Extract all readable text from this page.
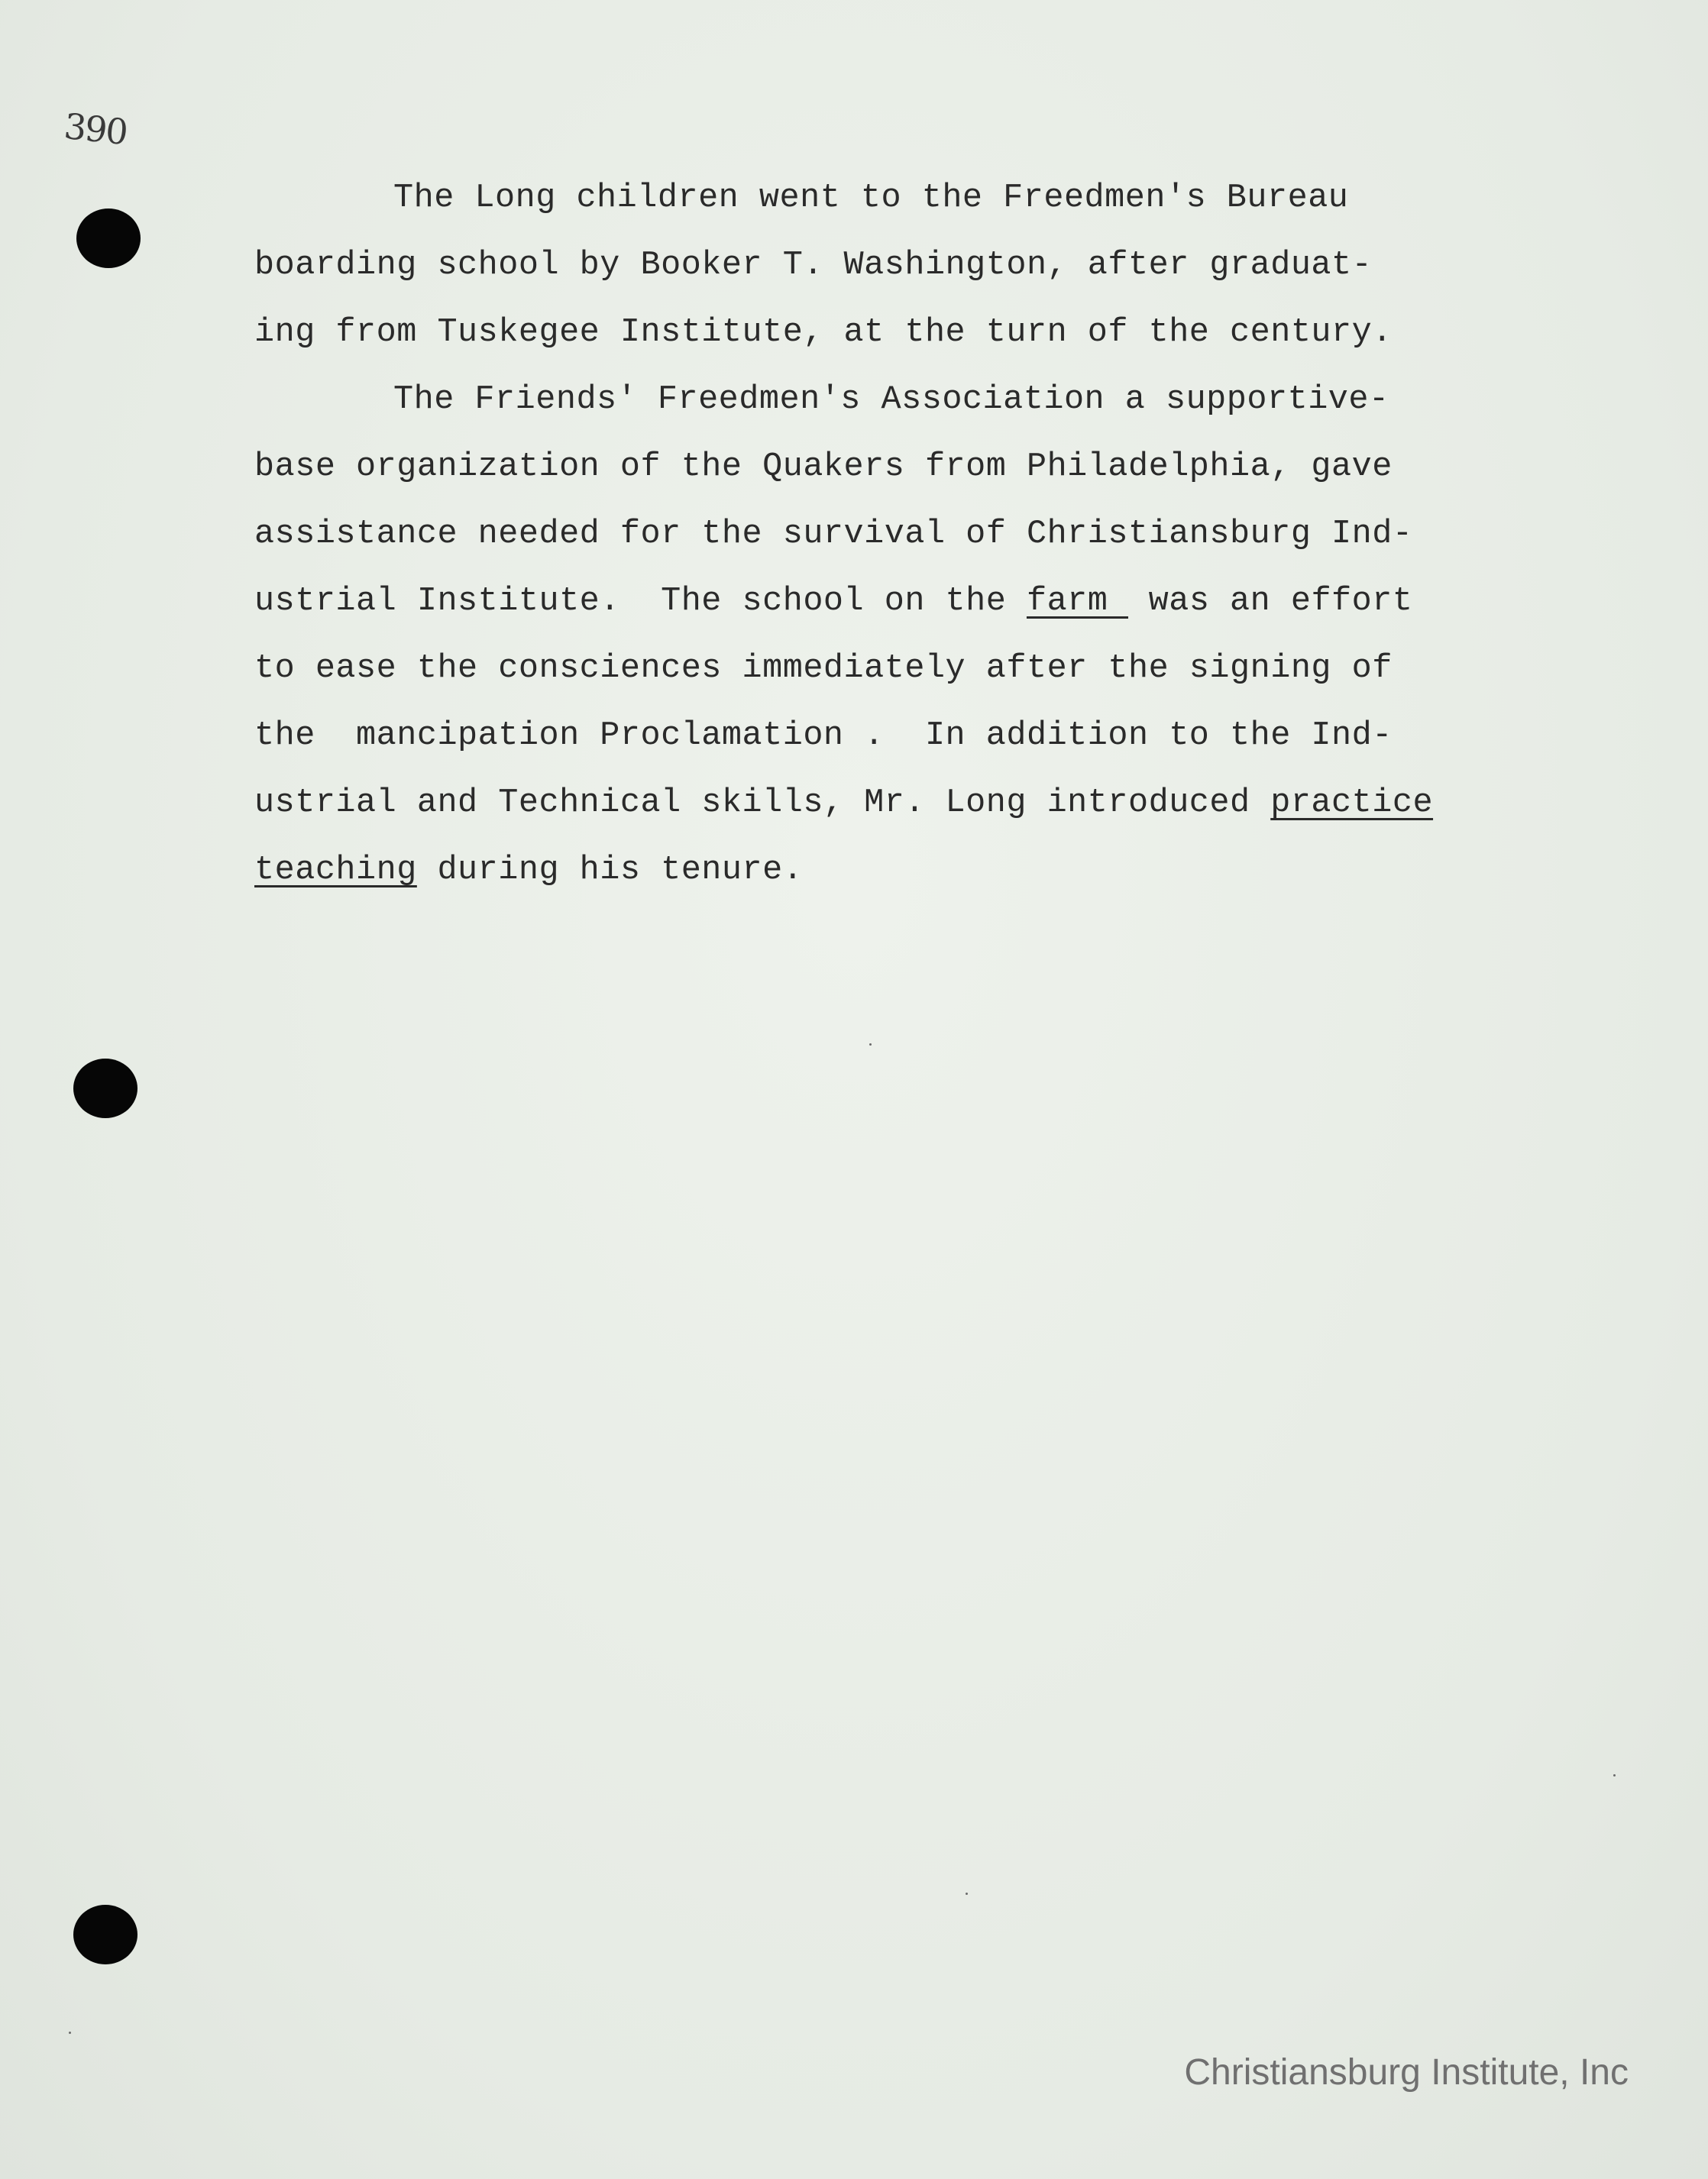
390
The Long children went to the Freedmen's Bureau
boarding school by Booker T. Washington, after graduat-
ing from Tuskegee Institute, at the turn of the century.
The Friends' Freedmen's Association a supportive-
base organization of the Quakers from Philadelphia, gave
assistance needed for the survival of Christiansburg Ind-
ustrial Institute.  The school on the farm  was an effort
to ease the consciences immediately after the signing of
the  mancipation Proclamation .  In addition to the Ind-
ustrial and Technical skills, Mr. Long introduced practice
teaching during his tenure.
Christiansburg Institute, Inc
